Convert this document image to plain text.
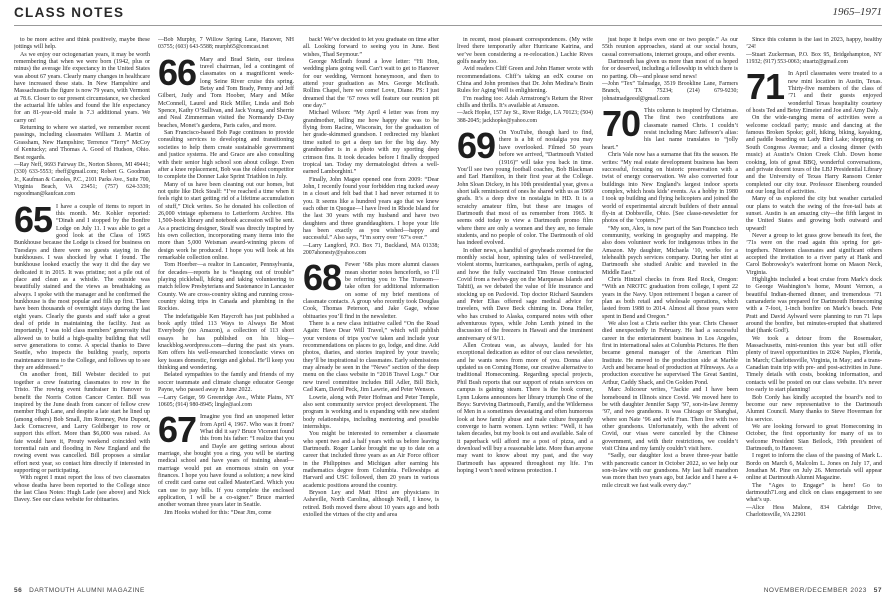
CLASS NOTES	1965–1971

to be more active and think positively, maybe these jottings will help.

As we enjoy our octogenarian years, it may be worth remembering that when we were born (1942, plus or minus) the average life expectancy in the United States was about 67 years. Clearly many changes in healthcare have increased these stats. In New Hampshire and Massachusetts the figure is now 79 years, with Vermont at 78.6. Closer to our present circumstance, we checked the actuarial life tables and found the life expectancy for an 81-year-old male is 7.3 additional years. We carry on!

Returning to where we started, we remember recent passings, including classmates William J. Martin of Grassham, New Hampshire; Terrence “Terry” McCoy of Kentucky; and Thomas A. Good of Hudson, Ohio. Best regards.

—Ray Neff, 9693 Fairway Dr., Norton Shores, MI 49441; (330) 633-5553; rbeff@gmail.com; Robert G. Goodman Jr., Kaufman & Canoles, P.C., 2101 Parks Ave., Suite 700, Virginia Beach, VA 23451; (757) 624-3339; rsgoodman@kaufcan.com

65 I have a couple of items to report in this month. Mr. Kohler reported: “Dinah and I stopped by the Bonfire Lodge on July 11. I was able to get a good look at the Class of 1965 Bunkhouse because the Lodge is closed for business on Tuesdays and there were no guests staying in the bunkhouses. I was shocked by what I found. The bunkhouse looked exactly the way it did the day we dedicated it in 2015. It was pristine; not a pile out of place and clean as a whistle. The outside was beautifully stained and the views as breathtaking as always. I spoke with the manager and he confirmed the bunkhouse is the most popular and fills up first. There have been thousands of overnight stays during the last eight years. Clearly the guests and staff take a great deal of pride in maintaining the facility. Just as importantly, I was told class members’ generosity that allowed us to build a high-quality building that will serve generations to come. A special thanks to Dave Seattle, who inspects the building yearly, reports maintenance items to the College, and follows up to see they are addressed.”

On another front, Bill Webster decided to put together a crew featuring classmates to row in the Tristo. The rowing event fundraiser in Hanover to benefit the Norris Cotton Cancer Center. Bill was inspired by the June death from cancer of fellow crew member Hugh Lane, and despite a late start he lined up (among others) Bob Small, Jim Romney, Pete Dupont, Jack Cornscreve, and Larry Goldberger to row or support this effort. More than $6,000 was raised. As fate would have it, Prouty weekend coincided with torrential rain and flooding in New England and the rowing event was cancelled. Bill proposes a similar effort next year, so contact him directly if interested in supporting or participating.

With regret I must report the loss of two classmates whose deaths have been reported to the College since the last Class Notes: Hugh Lade (see above) and Nick Davey. See our class website for obituaries.

—Bob Murphy, 7 Willow Spring Lane, Hanover, NH 03755; (603) 643-5588; murph65@comcast.net

66 Mary and Brad Stein, our tireless travel chairman, led a contingent of classmates on a magnificent week-long Seine River cruise this spring. Betsy and Tom Brady, Penny and Jeff Gilbert, Judy and Tom Hoober, Mary and Mike McConnell, Laurel and Rick Miller, Linda and Bob Spence, Kathy O’Sullivan, and Jack Young, and Sherrie and Neal Zimmerman visited the Normandy D-Day beaches, Monet’s gardens, Paris cafes, and more.

San Francisco-based Bob Page continues to provide consulting services to developing and transitioning societies to help them create sustainable government and justice systems. He and Grace are also consulting with their senior high school son about college. Even after a knee replacement, Bob was the oldest competitor to complete the Donner Lake Sprint Triathlon in July.

Many of us have been cleaning out our homes, but not quite like Dick Stealf: “I’ve reached a time when it feels right to start getting rid of a lifetime accumulation of stuff,” Dick writes. So he donated his collection of 26,000 vintage ephemera to Letterform Archive. His 1,500-book library and notebook accession will be sent. As a practicing designer, Stealf was directly inspired by his own collection, incorporating many items into the more than 5,000 Weisman award-winning pieces of design work he produced. I hope you will look at his remarkable collection online.

Tom Hoerber—a realtor in Lancaster, Pennsylvania, for decades—reports he is “heaping out of trouble” playing pickleball, hiking and taking volunteering to match fellow Presbyterians and Sustenance in Lancaster County. We are cross-country skiing and running cross-country skiing trips in Canada and plumbing in the Rockies.

The indefatigable Ken Haycroft has just published a book aptly titled 113 Ways to Always Be Most Everybody (no Amazon), a collection of 113 short essays he has published on his blog—knackblog.wordpress.com—during the past six years. Ken offers his well-researched iconoclastic views on key issues domestic, foreign and global. He’ll keep you thinking and wondering.

Belated sympathies to the family and friends of my soccer teammate and climate change educator George Payne, who passed away in June 2022.

—Larry Geiger, 99 Greenridge Ave., White Plains, NY 10605; (914) 980-8945; lingle@aol.com

67 Imagine you find an unopened letter from April 4, 1967. Who was it from? What did it say? Bruce Vicerant found this from his father: “I realize that you and Dayle are getting serious about marriage, she bought you a ring, you will be starting medical school and have years of training ahead—marriage would put an enormous strain on your finances. I hope you have found a solution; a new kind of credit card came out called MasterCard. Which you can use to pay bills. If you complete the enclosed application, I will be a co-signer.” Bruce married another woman three years later in Seattle.

Jim Hooks wished for this: “Dear Jim, come

back! We’ve decided to let you graduate on time after all. Looking forward to seeing you in June. Best wishes, Thad Seymour.”

George McIlrath found a love letter: “Hi Hon, wedding plans going well. Can’t wait to get to Hanover for our wedding, Vermont honeymoon, and then to attend your graduation as Mrs. George McIlrath. Rollins Chapel, here we come! Love, Diane. PS: I just dreamed that the ’67 rows will feature our reunion pit one day.”

Michael Wilson: “My April 4 letter was from my grandmother, telling me how happy she was to be flying from Racine, Wisconsin, for the graduation of her grade-skimmed grandson. I redirected my blanket time suited to get a deep tan for the big day. My grandmother is in a photo with my sporting deep crimson fins. It took decades before I finally dropped tropical tan. Today my dermatologist drives a well-earned Lamborghini.”

Finally, John Magee opened one from 2009: “Dear John, I recently found your forbidden ring tucked away in a closet and felt bad that I had never returned it to you. It seems like a hundred years ago that we knew each other in Quogue—I have lived in Rhode Island for the last 30 years with my husband and have two daughters and three granddaughters. I hope your life has been exactly as you wished—happy and successful.” Also says, “I’m sorry over ’67’s over.”

—Larry Langford, P.O. Box 71, Buckland, MA 01338; 2007ahonesty@yahoo.com

68 Fewer ’68s plus more alumni classes mean shorter notes henceforth, so I’ll be referring you to The Transom—take often for additional information on some of my brief mentions of classmate contacts. A group who recently took Douglas Cook, Thomas Peterson, and Jake Gage, whose obituaries you’ll find in the newsletter.

There is a new class initiative called “On the Road Again: Have Dear Will Travel,” which will publish your versions of trips you’ve taken and include your recommendations on places to go, lodge, and dine. Add photos, diaries, and stories inspired by your travels; they’ll be inspirational to classmates. Early submissions may already be seen in the “News” section of the deep menu on the class website in “2018 Travel Logs.” Our new travel committee includes Bill Adler, Bill Bich, Cad Kam, David Peck, Jim Lawrie, and Peter Wenson.

Lowrie, along with Peter Hofman and Peter Temple, also sent community service project development. The program is working and is expanding with new student body relationships, including mentoring and possible internships.

You might be interested to remember a classmate who spent two and a half years with us before leaving Dartmouth. Roger Lanke brought me up to date on a career that included three years as an Air Force officer in the Philippines and Michigan after earning his mathematics degree from Columbia. Fellowships at Harvard and USC followed, then 20 years in various academic positions around the country.

Bryson Ley and Matt Hirst are physicians in Asheville, North Carolina, although Neill, I know, is retired. Both moved there about 10 years ago and both extolled the virtues of the city and area

in recent, most pleasant correspondences. (My wife lived there temporarily after Hurricane Katrina, and we’ve been considering a re-relocation.) Lachie Rives golfs nearby too.

Avid readers Cliff Green and John Hamer wrote with recommendations. Cliff’s taking an edX course on China and John promises that Dr. John Medina’s Brain Rules for Aging Well is enlightening.

I’m reading too: Adah Armstrong’s Return the River chills and thrills. It’s available at Amazon.

—Jack Hopke, 157 Jay St., River Ridge, LA 70123; (504) 388-2045; jackhopke@yahoo.com

69 On YouTube, though hard to find, there is a bit of nostalgia you may have overlooked. Filmed 50 years before we arrived, “Dartmouth Visited (1916)” will take you back in time. You’ll see two young football coaches, Bob Blackman and Earl Hamilton, in their first year at the College. John Sloan Dickey, in his 10th presidential year, gives a short talk reminiscent of ones he shared with us as 1969 grads. It’s a deep dive in nostalgia in HD. It is a scratchy amateur film, but these are images of Dartmouth that most of us remember from 1965. It seems odd today to view a Dartmouth promo film where there are only a women and they are, no female students, and no people of color. The Dartmouth of old has indeed evolved.

In other news, a handful of greyheads zoomed for the monthly social hour, spinning tales of well-traveled, violent storms, hurricanes, earthquakes, perils of aging, and how the fully vaccinated Tim Hesse contracted Covid from a twelve-guy on the Marquesas Islands and Tahiti), as we debated the value of life insurance and stocking up on Paxlovid. Top doctor Richard Saunders and Peter Elias offered sage medical advice for travelers, with Dave Beck chiming in. Dona Heller, who has cruised to Alaska, compared notes with other adventurous types, while John Lenth joined in the discussion of the freezers in Hawaii and the imminent anniversary of 9/11.

Allen Croteau was, as always, lauded for his exceptional dedication as editor of our class newsletter, and he wants news from more of you. Donna also updated us on Coming Home, our creative alternative to traditional Homecoming. Regarding special projects, Phil Bush reports that our support of retain services on campus is gaining steam. There is the book corner, Lynn Lukens announces her library triumph One of the Boys: Surviving Dartmouth, Family, and the Wilderness of Men in a sometimes devastating and often humorous look at how family abuse and male culture frequently converge to harm women. Lynn writes: “Well, it has taken decades, but my book is out and available. Sale of it paperback will afford me a post of pizza, and a download will buy a reasonable latte. More than anyone may want to know about my past, and the way Dartmouth has appeared throughout my life. I’m hoping I won’t need witness protection. I

just hope it helps even one or two people.” As our 55th reunion approaches, stand at our social hours, casual conversations, internet groups, and other events.

Dartmouth has given us more than most of us hoped for or deserved, including a fellowship in which there is no parting. Oh—and please send news!

—John “Tex” Talmadge, 3519 Brookline Lane, Farmers Branch, TX 75234; (214) 679-9230; johnatmadgeesd@gmail.com

70 This column is inspired by Christmas. The first two contributions are classmate named Chris. I couldn’t resist including Marc Jaffeson’s alias: his last name translates to “jolly heart.”

Chris Vale now has a surname that fits the season. He writes: “My real estate development business has been successful, focusing on historic preservation with a twist of energy conservation. We also converted four buildings into New England’s largest indoor sports complex, which hosts kids’ events. As a hobby in 1980 I took up building and flying helicopters and joined the world of experimental aircraft builders of their annual fly-in at Dobbsville, Ohio. [See classe-newsletter for photos of the ‘copters.]”

“My son, Alex, is now part of the San Francisco tech community, working in geography and mapping. He also does volunteer work for indigenous tribes in the Amazon. My daughter, Michaela ’10, works for a telehealth psych services company. During her stint at Dartmouth she studied Arabic and traveled in the Middle East.”

Chris Hintzel checks in from Red Rock, Oregon: “With an NROTC graduation from college, I spent 22 years in the Navy. Upon retirement I began a career of plan as both retail and wholesale operations, which lasted from 1988 to 2014. Almost all those years were spent in Bend and Oregon.”

We also lost a Chris earlier this year. Chris Chesser died unexpectedly in February. He had a successful career in the entertainment business in Los Angeles, first in international sales at Columbia Pictures. He then became general manager of the American Film Institute. He moved to the production side at Marble Arch and became head of production at Filmways. As a production executive he supervised The Great Santini, Arthur, Caddy Shack, and On Golden Pond.

Marc Jolicoeur writes, “Jackie and I have been homebound in Illinois since Covid. We moved here to be with daughter Jennifer Sapp ’97, son-in-law Jeremy ’97, and two grandsons. It was Chicago or Shanghai, where son Nate ’96 and wife Fran. Then live with two other grandsons. Unfortunately, with the advent of Covid, our visas were canceled by the Chinese government, and with their restrictions, we couldn’t visit China and my family couldn’t visit here.

“Sadly, our daughter lost a brave three-year battle with pancreatic cancer in October 2022, so we help our son-in-law with our grandsons. My last half marathon was more than two years ago, but Jackie and I have a 4-mile circuit we fast walk every day.”

Since this column is the last in 2023, happy, healthy ’24!

—Stuart Zuckerman, P.O. Box 95, Bridgehampton, NY 11932; (917) 553-0063; stuartz@gmail.com

71 In April classmates were treated to a new mini location in Austin, Texas. Thirty-five members of the class of ’71 and their guests enjoyed wonderful Texas hospitality courtesy of hosts Ted and Betsy Eimeier and Joe and Amy Daly.

On the wide-ranging menu of activities were a welcome cocktail party; music and dancing at the famous Broken Spoke; golf, hiking, biking, kayaking, and paddle boarding on Lady Bird Lake; shopping on South Congress Avenue; and a closing dinner (with music) at Austin’s Onion Creek Club. Down home cooking, lots of great BBQ, wonderful conversations, and private docent tours of the LBJ Presidential Library and the University of Texas Harry Ransom Center completed our city tour. Professor Eisenberg rounded out our long list of activities.

Many of us explored the city but weather curtailed our plans to watch the swing of the free-tail bats at sunset. Austin is an amazing city—the fifth largest in the United States and growing both outward and upward!

Never a group to let grass grow beneath its feet, the ’71s were on the road again this spring for get-togethers. Nineteen classmates and significant others accepted the invitation to a river party at Hank and Carol Bobrowsky’s waterfront home on Mason Neck, Virginia.

Highlights included a boat cruise from Mark’s dock to George Washington’s home, Mount Vernon, a beautiful Indian-themed dinner, and tremendous ’71 camaraderie was prepared for Dartmouth Homecoming with a 7-foot, 1-inch bonfire on Mark’s beach. Pete Pratt and David Aylward were planning to run 71 laps around the bonfire, but minutes-erupted that shattered that (thank God!).

We took a detour from the Rosemaker, Massachusetts, mini-reunion this year but still offer plenty of travel opportunities in 2024: Naples, Florida, in March; Charlottesville, Virginia, in May; and a trans-Canadian train trip with pre- and post-activities in June. Timely details with costs, booking information, and contacts will be posted on our class website. It’s never too early to start planning!

Bob Cordy has kindly accepted the board’s nod to become our new representative to the Dartmouth Alumni Council. Many thanks to Steve Hoverman for his service.

We are looking forward to great Homecoming in October, the first opportunity for many of us to welcome President Sian Beilock, 19th president of Dartmouth, to Hanover.

I regret to inform the class of the passing of Mark L. Bordo on March 6, Malcolm L. Jones on July 17, and Jonathan M. Pine on July 26. Memorials will appear online at Dartmouth Alumni Magazine.

The “Ages to Engage” is here! Go to dartmouth71.org and click on class engagement to see what’s up.

—Alice Hess Malone, 834 Cabridge Drive, Charlottesville, VA 22901

56 DARTMOUTH ALUMNI MAGAZINE	NOVEMBER/DECEMBER 2023 57
